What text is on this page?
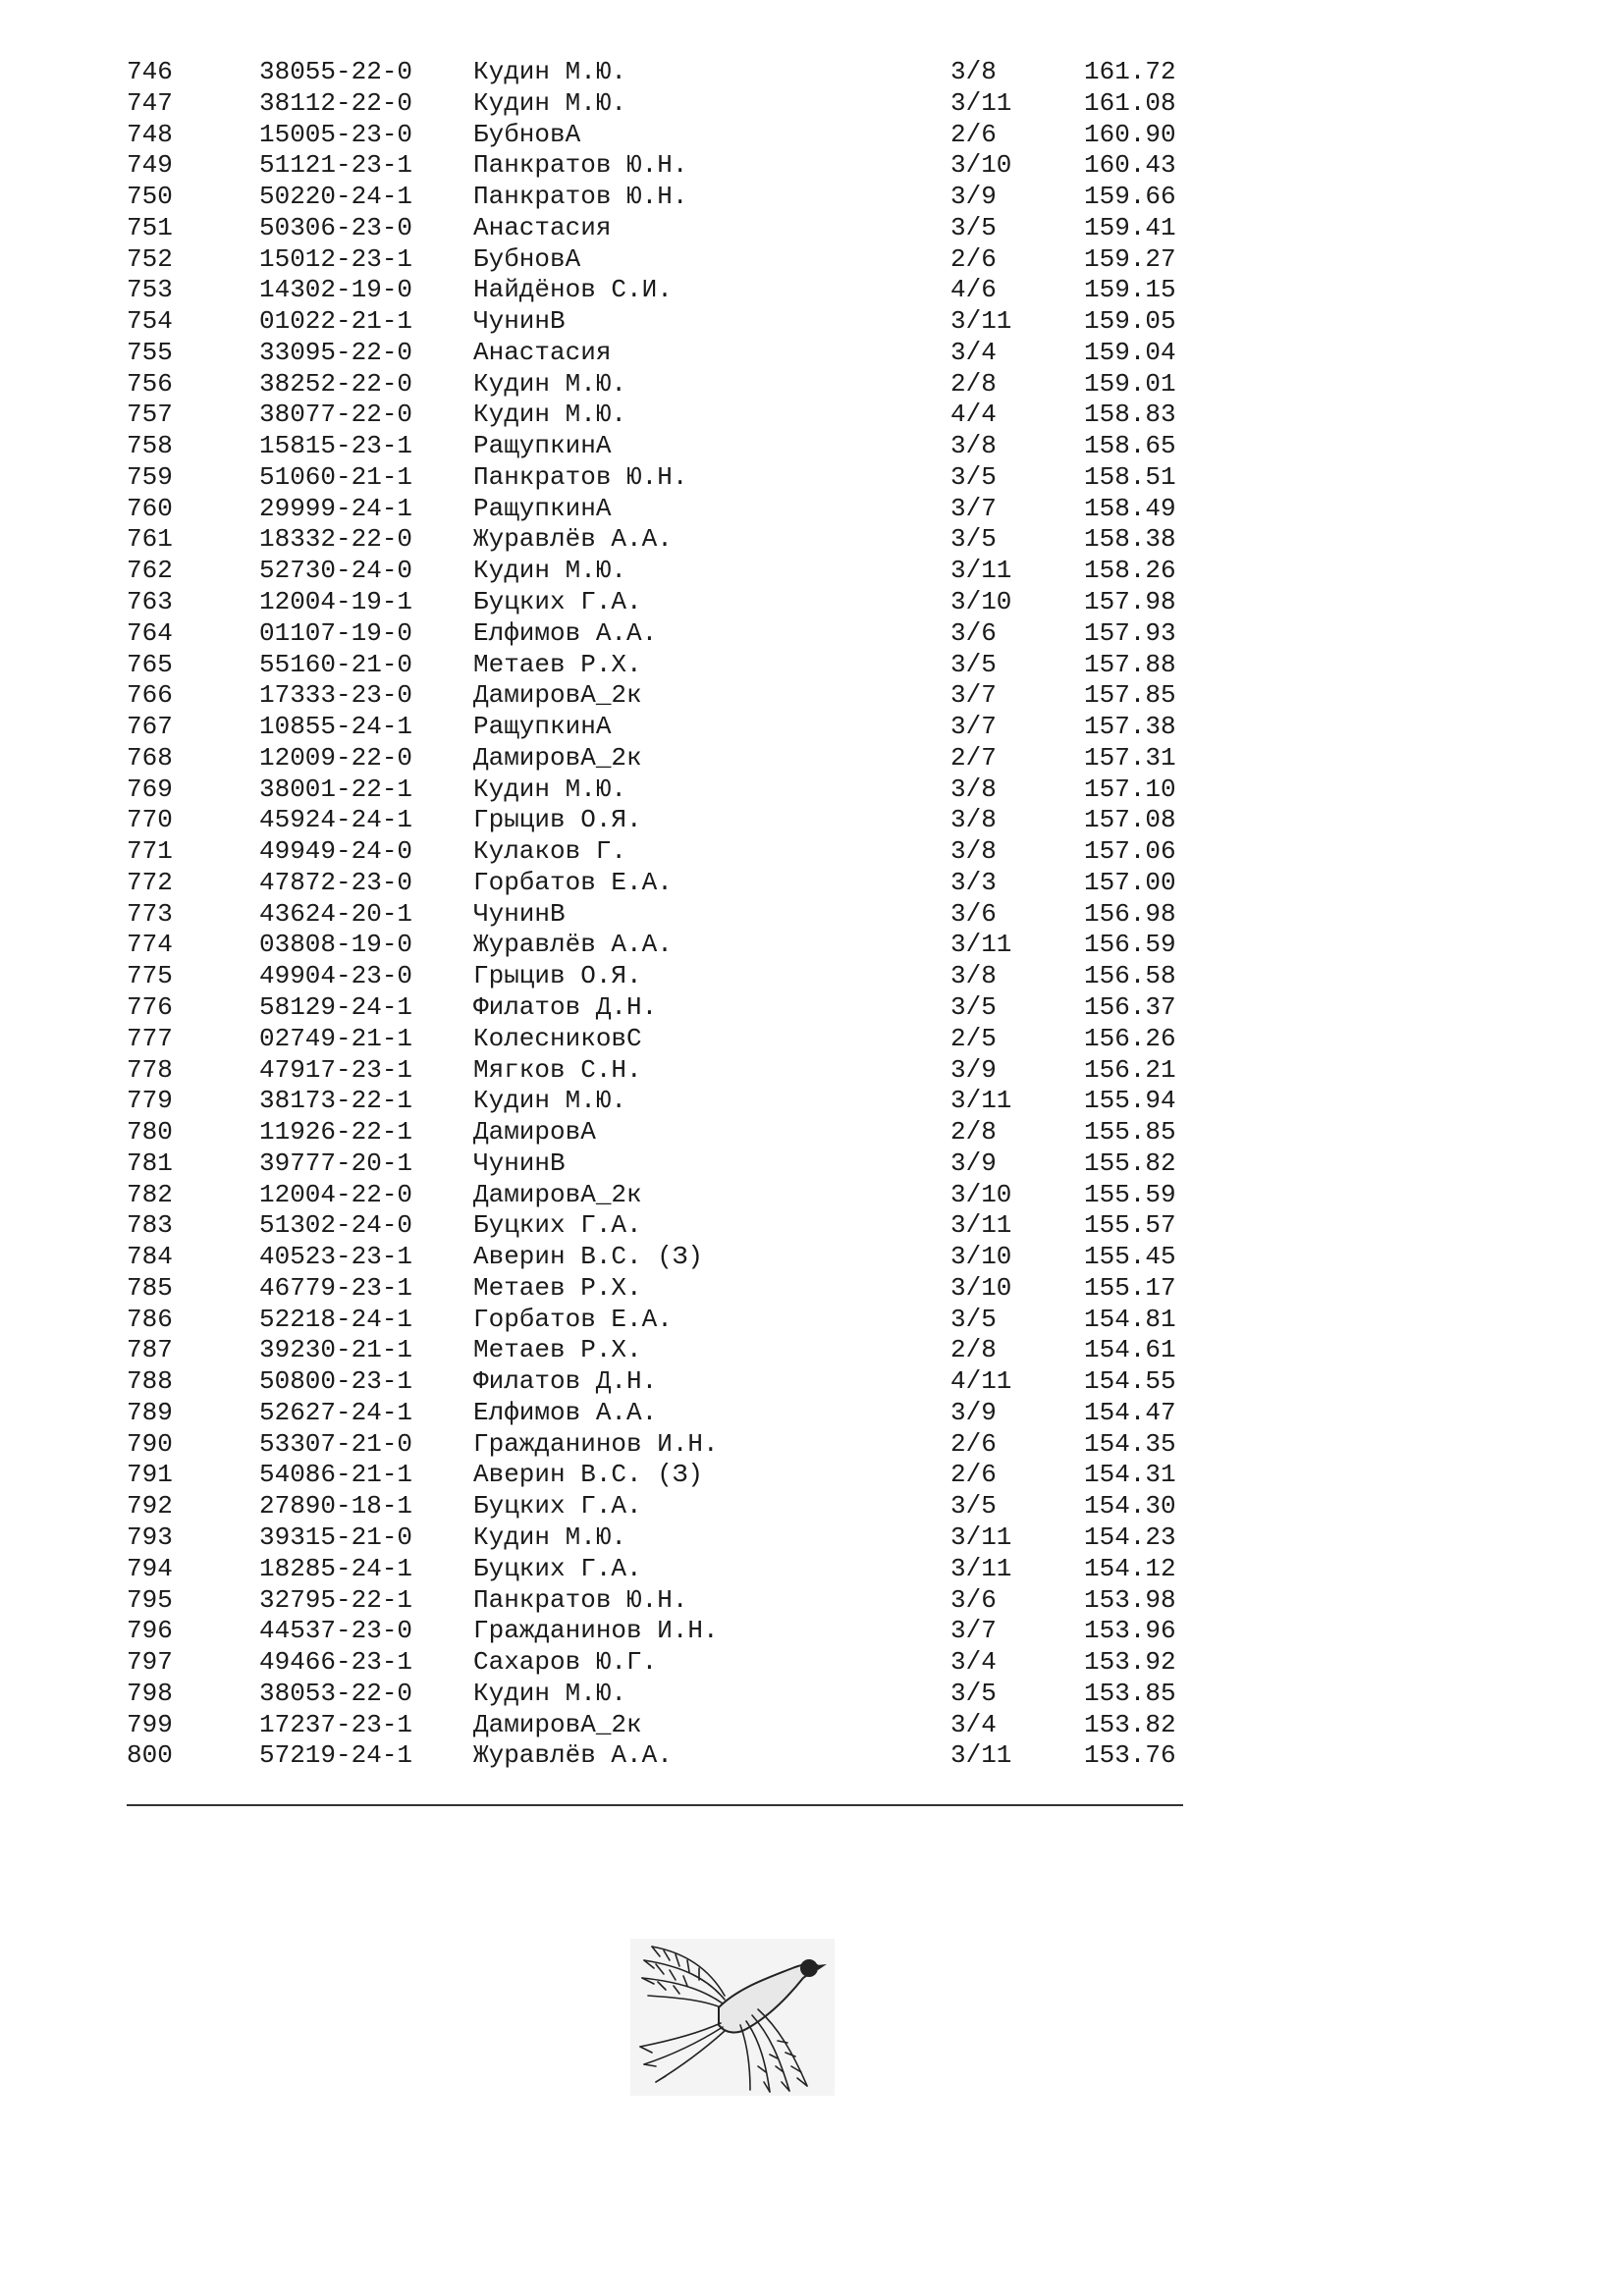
746	38055-22-0 Кудин М.Ю.	3/8	161.72
747	38112-22-0 Кудин М.Ю.	3/11	161.08
748	15005-23-0 БубновА	2/6	160.90
749	51121-23-1 Панкратов Ю.Н.	3/10	160.43
750	50220-24-1 Панкратов Ю.Н.	3/9	159.66
751	50306-23-0 Анастасия	3/5	159.41
752	15012-23-1 БубновА	2/6	159.27
753	14302-19-0 Найдёнов С.И.	4/6	159.15
754	01022-21-1 ЧунинВ	3/11	159.05
755	33095-22-0 Анастасия	3/4	159.04
756	38252-22-0 Кудин М.Ю.	2/8	159.01
757	38077-22-0 Кудин М.Ю.	4/4	158.83
758	15815-23-1 РащупкинА	3/8	158.65
759	51060-21-1 Панкратов Ю.Н.	3/5	158.51
760	29999-24-1 РащупкинА	3/7	158.49
761	18332-22-0 Журавлёв А.А.	3/5	158.38
762	52730-24-0 Кудин М.Ю.	3/11	158.26
763	12004-19-1 Буцких Г.А.	3/10	157.98
764	01107-19-0 Елфимов А.А.	3/6	157.93
765	55160-21-0 Метаев Р.Х.	3/5	157.88
766	17333-23-0 ДамировА_2к	3/7	157.85
767	10855-24-1 РащупкинА	3/7	157.38
768	12009-22-0 ДамировА_2к	2/7	157.31
769	38001-22-1 Кудин М.Ю.	3/8	157.10
770	45924-24-1 Грыцив О.Я.	3/8	157.08
771	49949-24-0 Кулаков Г.	3/8	157.06
772	47872-23-0 Горбатов Е.А.	3/3	157.00
773	43624-20-1 ЧунинВ	3/6	156.98
774	03808-19-0 Журавлёв А.А.	3/11	156.59
775	49904-23-0 Грыцив О.Я.	3/8	156.58
776	58129-24-1 Филатов Д.Н.	3/5	156.37
777	02749-21-1 КолесниковС	2/5	156.26
778	47917-23-1 Мягков С.Н.	3/9	156.21
779	38173-22-1 Кудин М.Ю.	3/11	155.94
780	11926-22-1 ДамировА	2/8	155.85
781	39777-20-1 ЧунинВ	3/9	155.82
782	12004-22-0 ДамировА_2к	3/10	155.59
783	51302-24-0 Буцких Г.А.	3/11	155.57
784	40523-23-1 Аверин В.С. (З)	3/10	155.45
785	46779-23-1 Метаев Р.Х.	3/10	155.17
786	52218-24-1 Горбатов Е.А.	3/5	154.81
787	39230-21-1 Метаев Р.Х.	2/8	154.61
788	50800-23-1 Филатов Д.Н.	4/11	154.55
789	52627-24-1 Елфимов А.А.	3/9	154.47
790	53307-21-0 Гражданинов И.Н.	2/6	154.35
791	54086-21-1 Аверин В.С. (З)	2/6	154.31
792	27890-18-1 Буцких Г.А.	3/5	154.30
793	39315-21-0 Кудин М.Ю.	3/11	154.23
794	18285-24-1 Буцких Г.А.	3/11	154.12
795	32795-22-1 Панкратов Ю.Н.	3/6	153.98
796	44537-23-0 Гражданинов И.Н.	3/7	153.96
797	49466-23-1 Сахаров Ю.Г.	3/4	153.92
798	38053-22-0 Кудин М.Ю.	3/5	153.85
799	17237-23-1 ДамировА_2к	3/4	153.82
800	57219-24-1 Журавлёв А.А.	3/11	153.76
